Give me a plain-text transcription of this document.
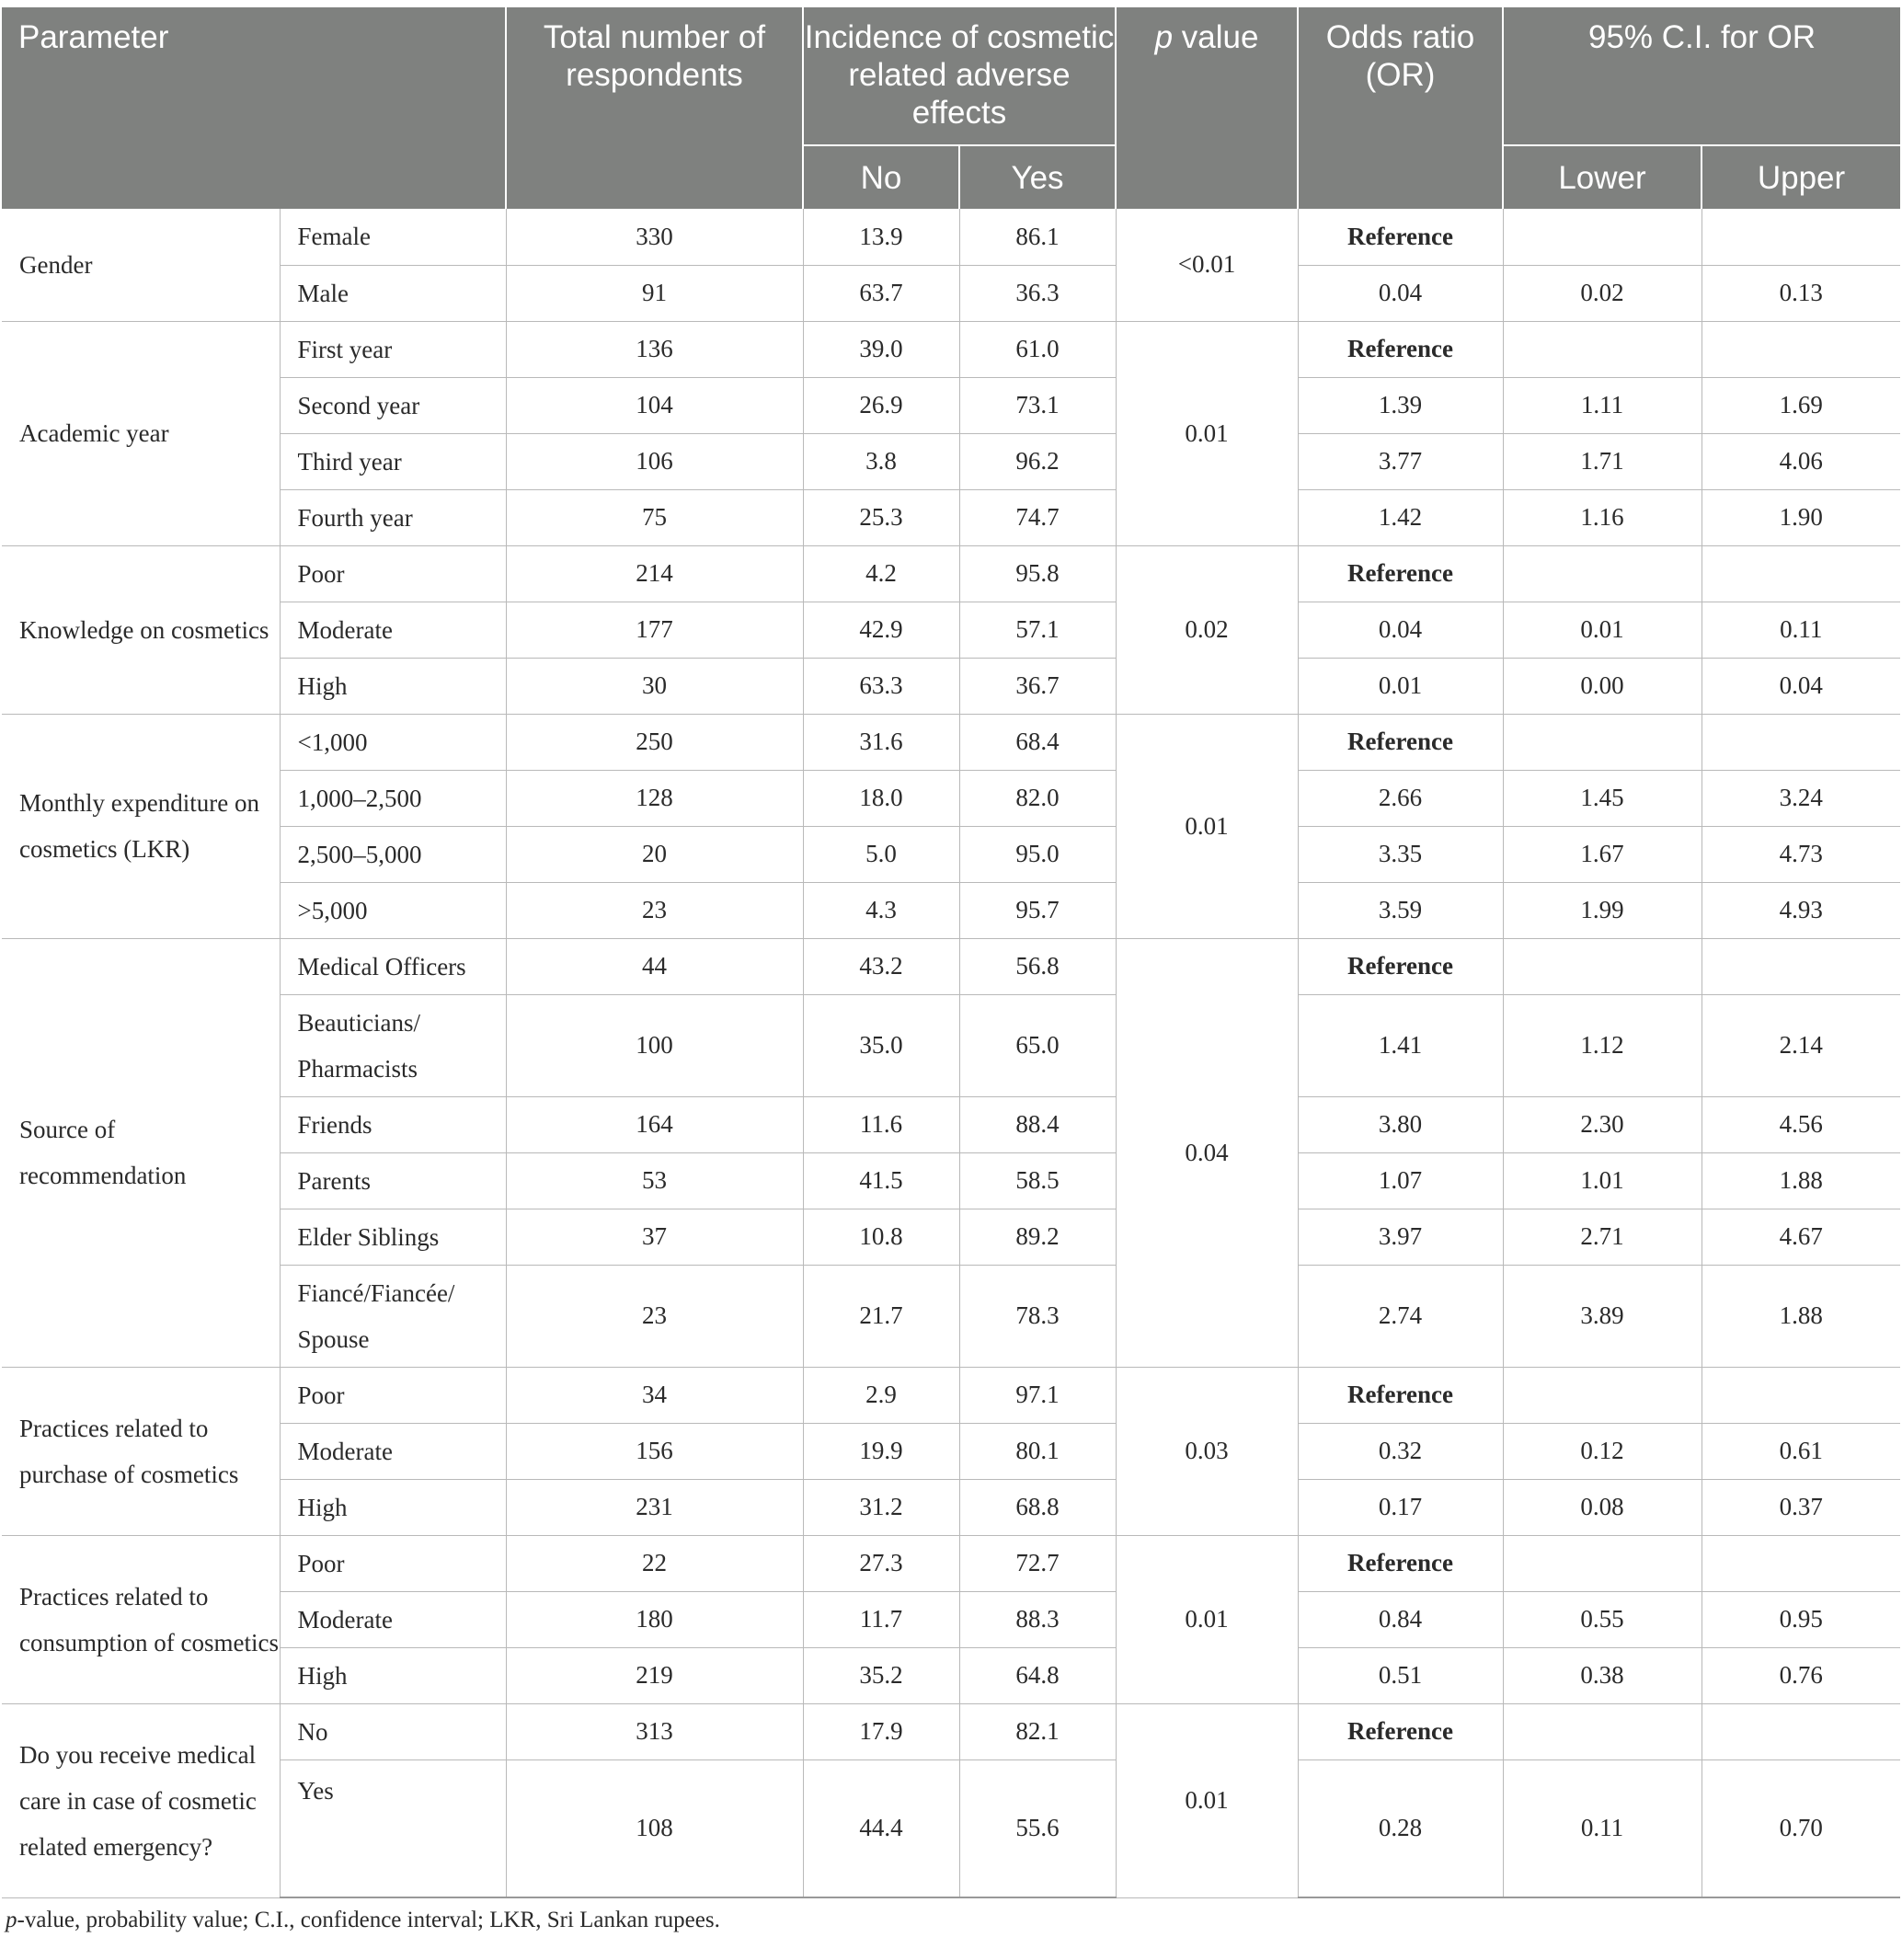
Parameter		Total number of respondents	Incidence of cosmetic related adverse effects		p value	Odds ratio (OR)	95% C.I. for OR	
			No	Yes			Lower	Upper
Gender	Female	330	13.9	86.1	<0.01	Reference		
	Male	91	63.7	36.3		0.04	0.02	0.13
Academic year	First year	136	39.0	61.0	0.01	Reference		
	Second year	104	26.9	73.1		1.39	1.11	1.69
	Third year	106	3.8	96.2		3.77	1.71	4.06
	Fourth year	75	25.3	74.7		1.42	1.16	1.90
Knowledge on cosmetics	Poor	214	4.2	95.8	0.02	Reference		
	Moderate	177	42.9	57.1		0.04	0.01	0.11
	High	30	63.3	36.7		0.01	0.00	0.04
Monthly expenditure on cosmetics (LKR)	<1,000	250	31.6	68.4	0.01	Reference		
	1,000–2,500	128	18.0	82.0		2.66	1.45	3.24
	2,500–5,000	20	5.0	95.0		3.35	1.67	4.73
	>5,000	23	4.3	95.7		3.59	1.99	4.93
Source of recommendation	Medical Officers	44	43.2	56.8	0.04	Reference		
	Beauticians/ Pharmacists	100	35.0	65.0		1.41	1.12	2.14
	Friends	164	11.6	88.4		3.80	2.30	4.56
	Parents	53	41.5	58.5		1.07	1.01	1.88
	Elder Siblings	37	10.8	89.2		3.97	2.71	4.67
	Fiancé/Fiancée/ Spouse	23	21.7	78.3		2.74	3.89	1.88
Practices related to purchase of cosmetics	Poor	34	2.9	97.1	0.03	Reference		
	Moderate	156	19.9	80.1		0.32	0.12	0.61
	High	231	31.2	68.8		0.17	0.08	0.37
Practices related to consumption of cosmetics	Poor	22	27.3	72.7	0.01	Reference		
	Moderate	180	11.7	88.3		0.84	0.55	0.95
	High	219	35.2	64.8		0.51	0.38	0.76
Do you receive medical care in case of cosmetic related emergency?	No	313	17.9	82.1	0.01	Reference		
	Yes	108	44.4	55.6		0.28	0.11	0.70
p-value, probability value; C.I., confidence interval; LKR, Sri Lankan rupees.
